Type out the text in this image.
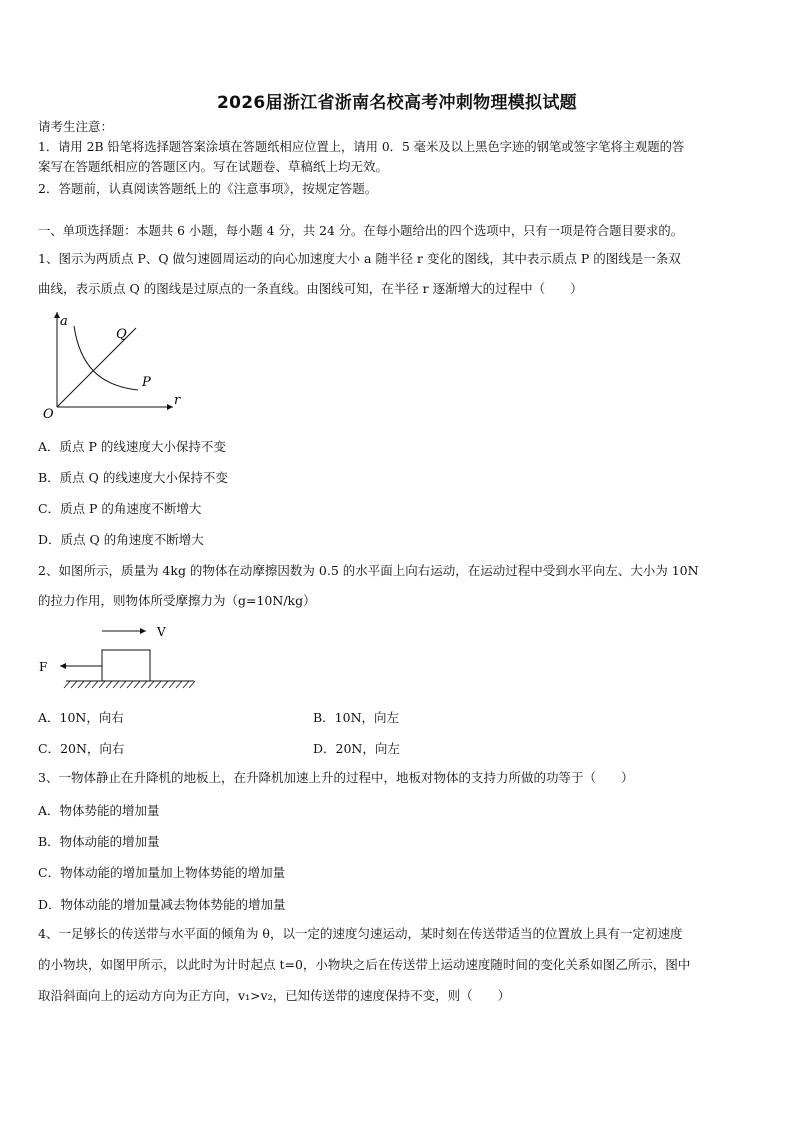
2026届浙江省浙南名校高考冲刺物理模拟试题
请考生注意：
1．请用 2B 铅笔将选择题答案涂填在答题纸相应位置上，请用 0．5 毫米及以上黑色字迹的钢笔或签字笔将主观题的答
案写在答题纸相应的答题区内。写在试题卷、草稿纸上均无效。
2．答题前，认真阅读答题纸上的《注意事项》，按规定答题。
一、单项选择题：本题共 6 小题，每小题 4 分，共 24 分。在每小题给出的四个选项中，只有一项是符合题目要求的。
1、图示为两质点 P、Q 做匀速圆周运动的向心加速度大小 a 随半径 r 变化的图线，其中表示质点 P 的图线是一条双
曲线，表示质点 Q 的图线是过原点的一条直线。由图线可知，在半径 r 逐渐增大的过程中（　　）
a
r
O
Q
P
A．质点 P 的线速度大小保持不变
B．质点 Q 的线速度大小保持不变
C．质点 P 的角速度不断增大
D．质点 Q 的角速度不断增大
2、如图所示，质量为 4kg 的物体在动摩擦因数为 0.5 的水平面上向右运动，在运动过程中受到水平向左、大小为 10N
的拉力作用，则物体所受摩擦力为（g=10N/kg）
V
F
A．10N，向右	B．10N，向左
C．20N，向右	D．20N，向左
3、一物体静止在升降机的地板上，在升降机加速上升的过程中，地板对物体的支持力所做的功等于（　　）
A．物体势能的增加量
B．物体动能的增加量
C．物体动能的增加量加上物体势能的增加量
D．物体动能的增加量减去物体势能的增加量
4、一足够长的传送带与水平面的倾角为 θ，以一定的速度匀速运动，某时刻在传送带适当的位置放上具有一定初速度
的小物块，如图甲所示，以此时为计时起点 t=0，小物块之后在传送带上运动速度随时间的变化关系如图乙所示，图中
取沿斜面向上的运动方向为正方向，v₁>v₂，已知传送带的速度保持不变，则（　　）
